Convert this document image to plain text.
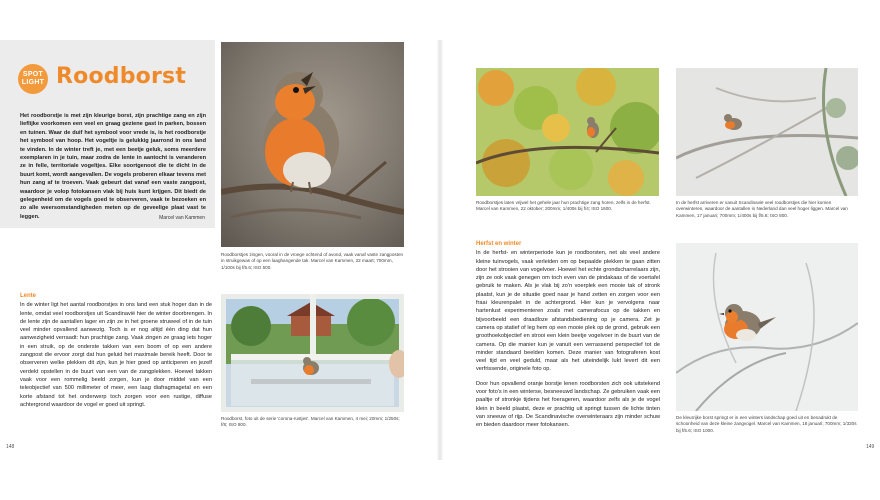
SPOT
LIGHT Roodborst
Het roodborstje is met zijn kleurige borst, zijn prachtige zang en zijn lieflijke voorkomen een veel en graag geziene gast in parken, bossen en tuinen. Waar de duif het symbool voor vrede is, is het roodborstje het symbool van hoop. Het vogeltje is gelukkig jaarrond in ons land te vinden. In de winter treft je, met een beetje geluk, soms meerdere exemplaren in je tuin, maar zodra de lente in aantocht is veranderen ze in felle, territoriale vogeltjes. Elke soortgenoot die te dicht in de buurt komt, wordt aangevallen. De vogels proberen elkaar tevens met hun zang af te troeven. Vaak gebeurt dat vanaf een vaste zangpost, waardoor je volop fotokansen vlak bij huis kunt krijgen. Dit biedt de gelegenheid om de vogels goed te observeren, vaak te bezoeken en zo alle weersomstandigheden meten op de geveelige plaat vast te leggen.	Marcel van Kammen
Roodborstjes zingen, vooral in de vroege ochtend of avond, vaak vanaf vaste zangposten in struikgewas of op een laaghangende tak. Marcel van Kammen, 22 maart; 700mm, 1/100s bij f/5.6; ISO 500.
Lente
In de winter ligt het aantal roodborstjes in ons land een stuk hoger dan in de lente, omdat veel roodborstjes uit Scandinavië hier de winter doorbrengen. In de lente zijn de aantallen lager en zijn ze in het groene struweel of in de tuin veel minder opvallend aanwezig. Toch is er nog altijd één ding dat hun aanwezigheid verraadt: hun prachtige zang. Vaak zingen ze graag iets hoger in een struik, op de onderste takken van een boom of op een andere zangpost die ervoor zorgt dat hun geluid het maximale bereik heeft. Door te observeren welke plekken dit zijn, kun je hier goed op anticiperen en jezelf verdekt opstellen in de buurt van een van de zangplekken. Hoewel takken vaak voor een rommelig beeld zorgen, kun je door middel van een teleobjectief van 500 millimeter of meer, een laag diafragmagetal en een korte afstand tot het onderwerp toch zorgen voor een rustige, diffuse achtergrond waardoor de vogel er goed uit springt.
Roodborst, foto uit de serie 'corona-rustjes'. Marcel van Kammen, 4 mei; 20mm; 1/250s; f/8; ISO 800.
148
Roodborstjes laten vrijwel het gehele jaar hun prachtige zang horen, zelfs in de herfst. Marcel van Kammen, 22 oktober; 200mm; 1/400s bij f/4; ISO 1600.
In de herfst arriveren er vanuit Scandinavië veel roodborstjes die hier komen overwinteren, waardoor de aantallen in Nederland dan veel hoger liggen. Marcel van Kammen, 17 januari; 700mm; 1/400s bij f/5.6; ISO 800.
Herfst en winter

In de herfst- en winterperiode kun je roodborsten, net als veel andere kleine tuinvogels, vaak verleiden om op bepaalde plekken te gaan zitten door het strooien van vogelvoer. Hoewel het echte grondscharrelaars zijn, zijn ze ook vaak genegen om toch even van de pindakaas of de voertafel gebruik te maken. Als je vlak bij zo'n voerplek een mooie tak of stronk plaatst, kun je de situatie goed naar je hand zetten en zorgen voor een fraai kleurenpalet in de achtergrond. Hier kun je vervolgens naar hartenlust experimenteren zoals met camerafocus op de takken en bijvoorbeeld een draadloze afstandsbediening op je camera. Zet je camera op statief of leg hem op een mooie plek op de grond, gebruik een groothoekobjectief en strooi een klein beetje vogelvoer in de buurt van de camera. Op die manier kun je vanuit een verrassend perspectief tot de minder standaard beelden komen. Deze manier van fotograferen kost veel tijd en veel geduld, maar als het uiteindelijk lukt levert dit een verfrissende, originele foto op.

Door hun opvallend oranje borstje lenen roodborsten zich ook uitstekend voor foto's in een wintersе, besneeuwd landschap. Ze gebruiken vaak een paaltje of stronkje tijdens het foerageren, waardoor zelfs als je de vogel klein in beeld plaatst, deze er prachtig uit springt tussen de lichte tinten van sneeuw of rijp. De Scandinavische overwinteraars zijn minder schuw en bieden daardoor meer fotokansen.

De kleurrijke borst springt er in een winters landschap goed uit en benadrukt de schoonheid van deze kleine zangvogel. Marcel van Kammen, 18 januari; 700mm; 1/320s bij f/5.6; ISO 1000.
149
